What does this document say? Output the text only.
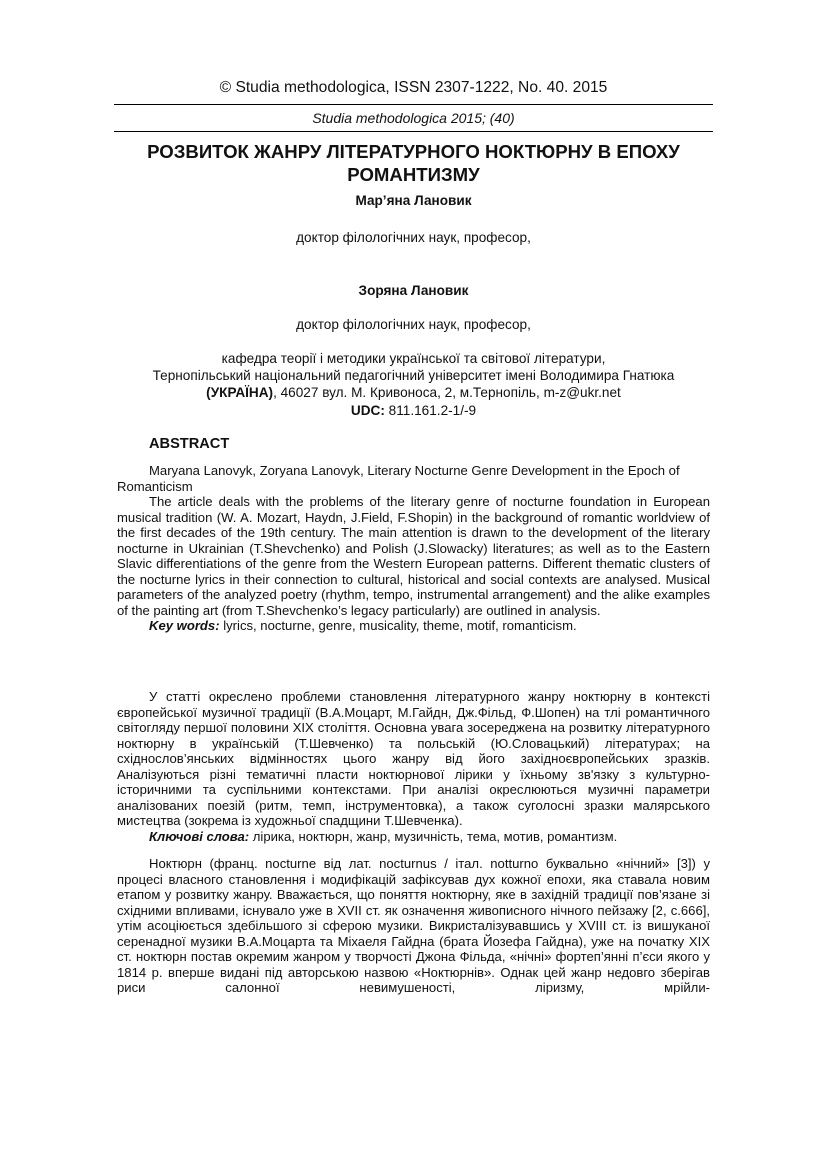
© Studia methodologica, ISSN 2307-1222, No. 40. 2015
Studia methodologica 2015; (40)
РОЗВИТОК ЖАНРУ ЛІТЕРАТУРНОГО НОКТЮРНУ В ЕПОХУ РОМАНТИЗМУ
Мар’яна Лановик
доктор філологічних наук, професор,
Зоряна Лановик
доктор філологічних наук, професор,
кафедра теорії і методики української та світової літератури,
Тернопільський національний педагогічний університет імені Володимира Гнатюка
(УКРАЇНА), 46027 вул. М. Кривоноса, 2, м.Тернопіль, m-z@ukr.net
UDC: 811.161.2-1/-9
ABSTRACT

Maryana Lanovyk, Zoryana Lanovyk, Literary Nocturne Genre Development in the Epoch of Romanticism

The article deals with the problems of the literary genre of nocturne foundation in European musical tradition (W. A. Mozart, Haydn, J.Field, F.Shopin) in the background of romantic worldview of the first decades of the 19th century. The main attention is drawn to the development of the literary nocturne in Ukrainian (T.Shevchenko) and Polish (J.Slowacky) literatures; as well as to the Eastern Slavic differentiations of the genre from the Western European patterns. Different thematic clusters of the nocturne lyrics in their connection to cultural, historical and social contexts are analysed. Musical parameters of the analyzed poetry (rhythm, tempo, instrumental arrangement) and the alike examples of the painting art (from T.Shevchenko’s legacy particularly) are outlined in analysis.

Key words: lyrics, nocturne, genre, musicality, theme, motif, romanticism.

У статті окреслено проблеми становлення літературного жанру ноктюрну в контексті європейської музичної традиції (В.А.Моцарт, М.Гайдн, Дж.Фільд, Ф.Шопен) на тлі романтичного світогляду першої половини ХІХ століття. Основна увага зосереджена на розвитку літературного ноктюрну в українській (Т.Шевченко) та польській (Ю.Словацький) літературах; на східнослов’янських відмінностях цього жанру від його західноєвропейських зразків. Аналізуються різні тематичні пласти ноктюрнової лірики у їхньому зв'язку з культурно-історичними та суспільними контекстами. При аналізі окреслюються музичні параметри аналізованих поезій (ритм, темп, інструментовка), а також суголосні зразки малярського мистецтва (зокрема із художньої спадщини Т.Шевченка).

Ключові слова: лірика, ноктюрн, жанр, музичність, тема, мотив, романтизм.

Ноктюрн (франц. nocturne від лат. nocturnus / італ. notturno буквально «нічний» [3]) у процесі власного становлення і модифікацій зафіксував дух кожної епохи, яка ставала новим етапом у розвитку жанру. Вважається, що поняття ноктюрну, яке в західній традиції пов’язане зі східними впливами, існувало уже в XVII ст. як означення живописного нічного пейзажу [2, с.666], утім асоціюється здебільшого зі сферою музики. Викристалізувавшись у XVIII ст. із вишуканої серенадної музики В.А.Моцарта та Міхаеля Гайдна (брата Йозефа Гайдна), уже на початку XIX ст. ноктюрн постав окремим жанром у творчості Джона Фільда, «нічні» фортеп’янні п’єси якого у 1814 р. вперше видані під авторською назвою «Ноктюрнів». Однак цей жанр недовго зберігав риси салонної невимушеності, ліризму, мрійли-
